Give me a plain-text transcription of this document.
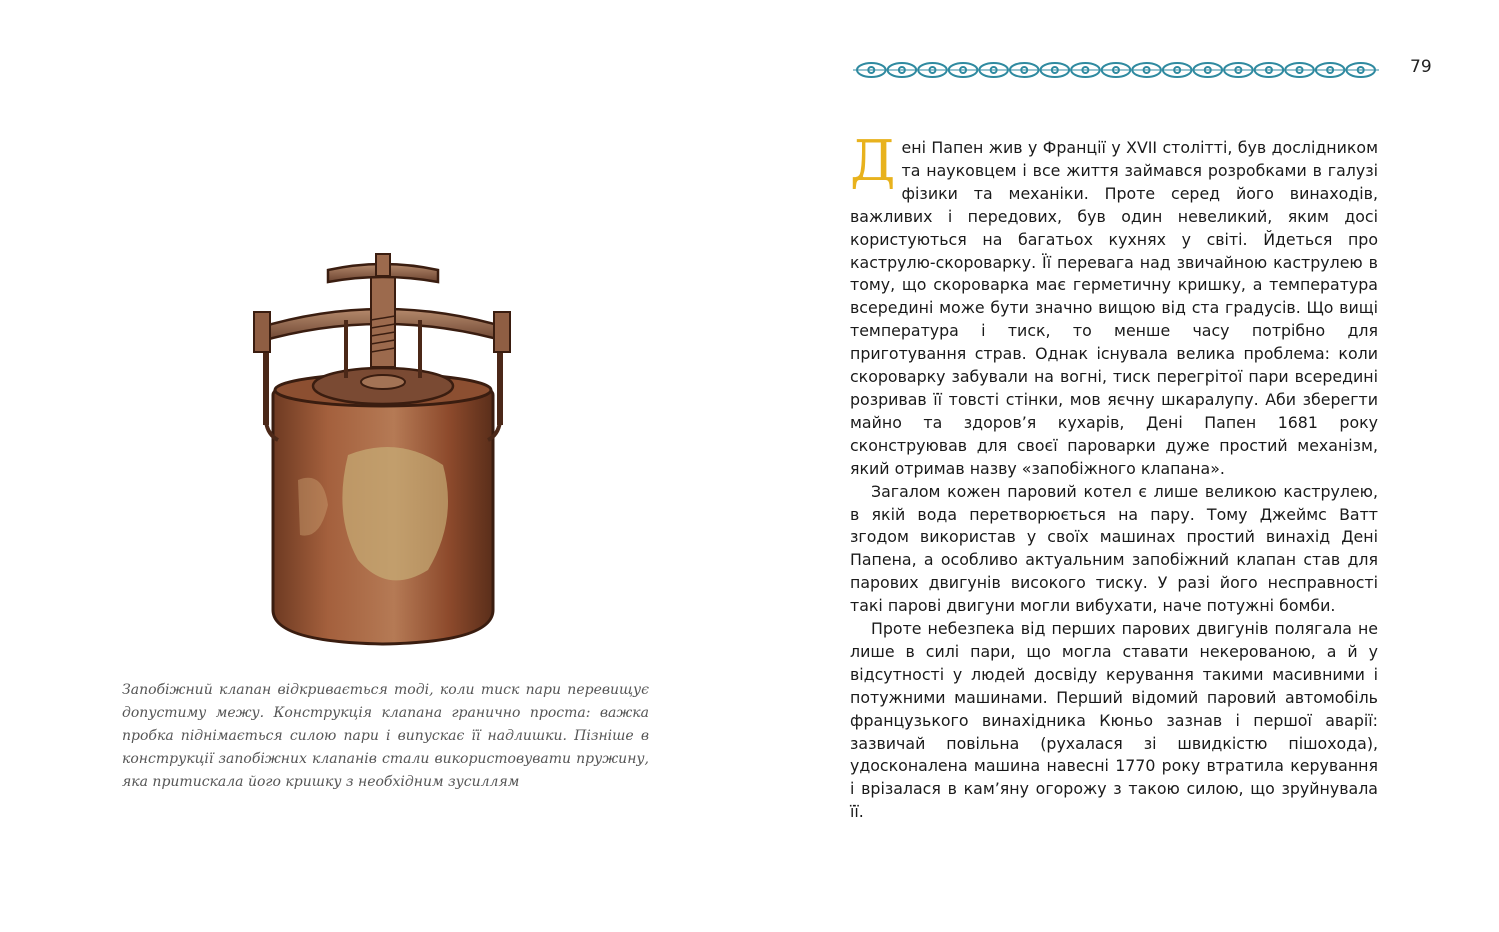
79
Запобіжний клапан відкривається тоді, коли тиск пари перевищує допустиму межу. Конструкція клапана гранично проста: важка пробка піднімається силою пари і випускає її надлишки. Пізніше в конструкції запобіжних клапанів стали використовувати пружину, яка притискала його кришку з необхідним зусиллям

Дені Папен жив у Франції у XVII столітті, був дослідником та науковцем і все життя займався розробками в галузі фізики та механіки. Проте серед його винаходів, важливих і передових, був один невеликий, яким досі користуються на багатьох кухнях у світі. Йдеться про каструлю-скороварку. Її перевага над звичайною каструлею в тому, що скороварка має герметичну кришку, а температура всередині може бути значно вищою від ста градусів. Що вищі температура і тиск, то менше часу потрібно для приготування страв. Однак існувала велика проблема: коли скороварку забували на вогні, тиск перегрітої пари всередині розривав її товсті стінки, мов яєчну шкаралупу. Аби зберегти майно та здоров’я кухарів, Дені Папен 1681 року сконструював для своєї пароварки дуже простий механізм, який отримав назву «запобіжного клапана».

Загалом кожен паровий котел є лише великою каструлею, в якій вода перетворюється на пару. Тому Джеймс Ватт згодом використав у своїх машинах простий винахід Дені Папена, а особливо актуальним запобіжний клапан став для парових двигунів високого тиску. У разі його несправності такі парові двигуни могли вибухати, наче потужні бомби.

Проте небезпека від перших парових двигунів полягала не лише в силі пари, що могла ставати некерованою, а й у відсутності у людей досвіду керування такими масивними і потужними машинами. Перший відомий паровий автомобіль французького винахідника Кюньо зазнав і першої аварії: зазвичай повільна (рухалася зі швидкістю пішохода), удосконалена машина навесні 1770 року втратила керування і врізалася в кам’яну огорожу з такою силою, що зруйнувала її.
